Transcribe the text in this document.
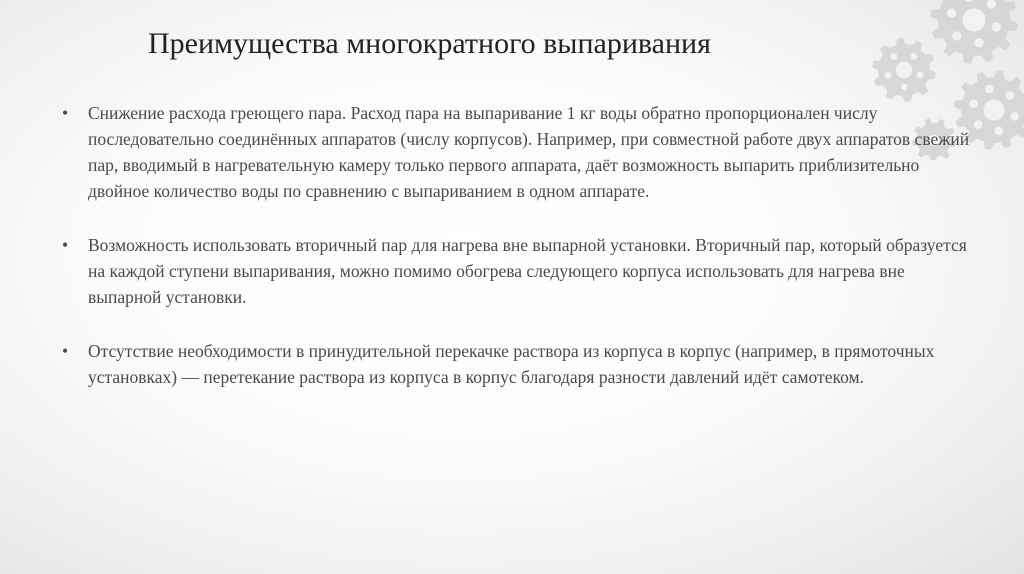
Преимущества многократного выпаривания
• Снижение расхода греющего пара. Расход пара на выпаривание 1 кг воды обратно пропорционален числу последовательно соединённых аппаратов (числу корпусов). Например, при совместной работе двух аппаратов свежий пар, вводимый в нагревательную камеру только первого аппарата, даёт возможность выпарить приблизительно двойное количество воды по сравнению с выпариванием в одном аппарате.
• Возможность использовать вторичный пар для нагрева вне выпарной установки. Вторичный пар, который образуется на каждой ступени выпаривания, можно помимо обогрева следующего корпуса использовать для нагрева вне выпарной установки.
• Отсутствие необходимости в принудительной перекачке раствора из корпуса в корпус (например, в прямоточных установках) — перетекание раствора из корпуса в корпус благодаря разности давлений идёт самотеком.
